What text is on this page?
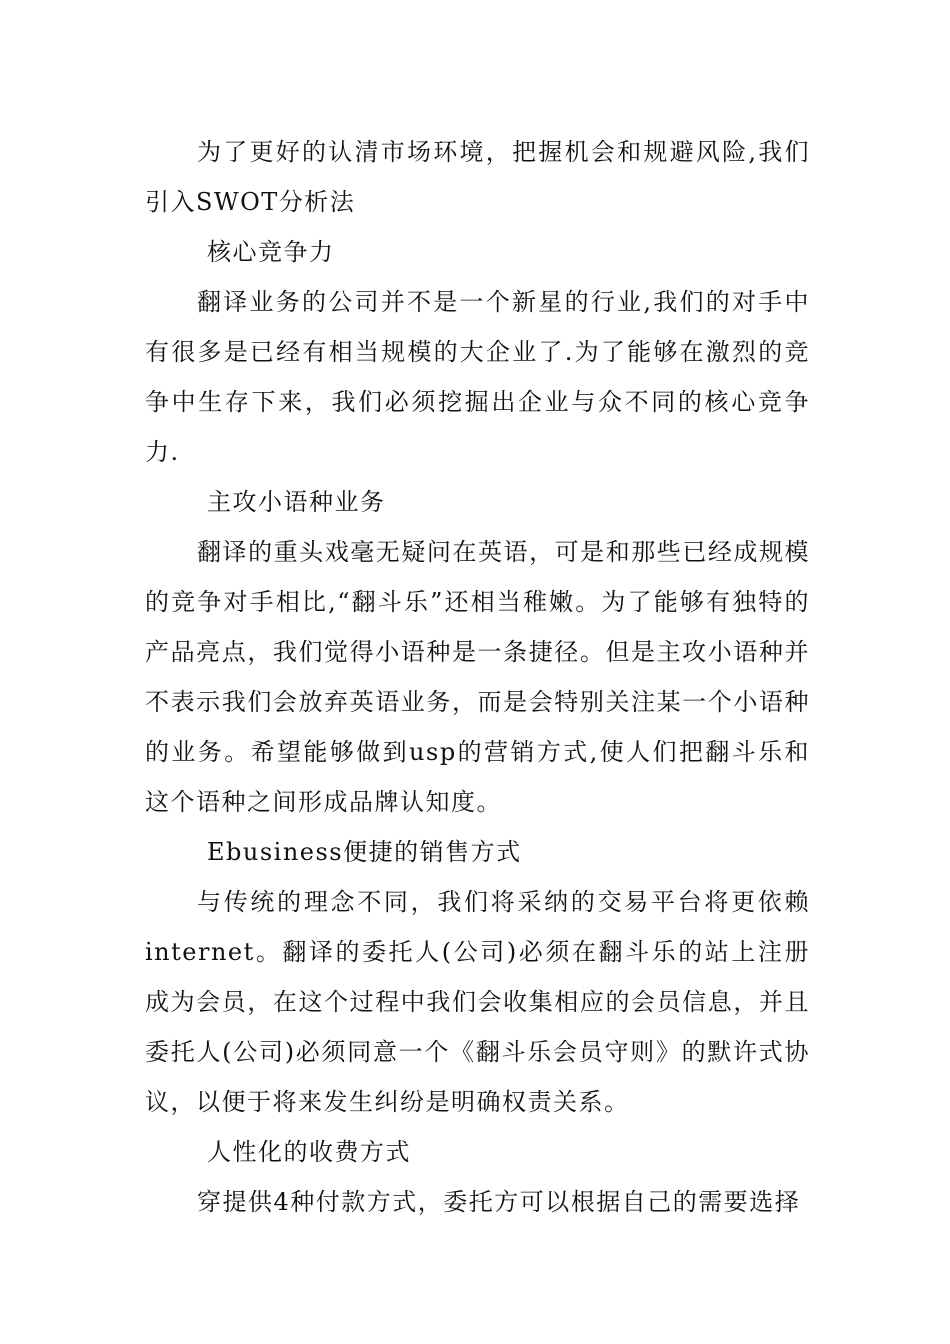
为了更好的认清市场环境，把握机会和规避风险,我们引入SWOT分析法

核心竞争力

翻译业务的公司并不是一个新星的行业,我们的对手中有很多是已经有相当规模的大企业了.为了能够在激烈的竞争中生存下来，我们必须挖掘出企业与众不同的核心竞争力.

主攻小语种业务

翻译的重头戏毫无疑问在英语，可是和那些已经成规模的竞争对手相比,“翻斗乐”还相当稚嫩。为了能够有独特的产品亮点，我们觉得小语种是一条捷径。但是主攻小语种并不表示我们会放弃英语业务，而是会特别关注某一个小语种的业务。希望能够做到usp的营销方式,使人们把翻斗乐和这个语种之间形成品牌认知度。

Ebusiness便捷的销售方式

与传统的理念不同，我们将采纳的交易平台将更依赖internet。翻译的委托人(公司)必须在翻斗乐的站上注册成为会员，在这个过程中我们会收集相应的会员信息，并且委托人(公司)必须同意一个《翻斗乐会员守则》的默许式协议，以便于将来发生纠纷是明确权责关系。

人性化的收费方式

穿提供4种付款方式，委托方可以根据自己的需要选择
